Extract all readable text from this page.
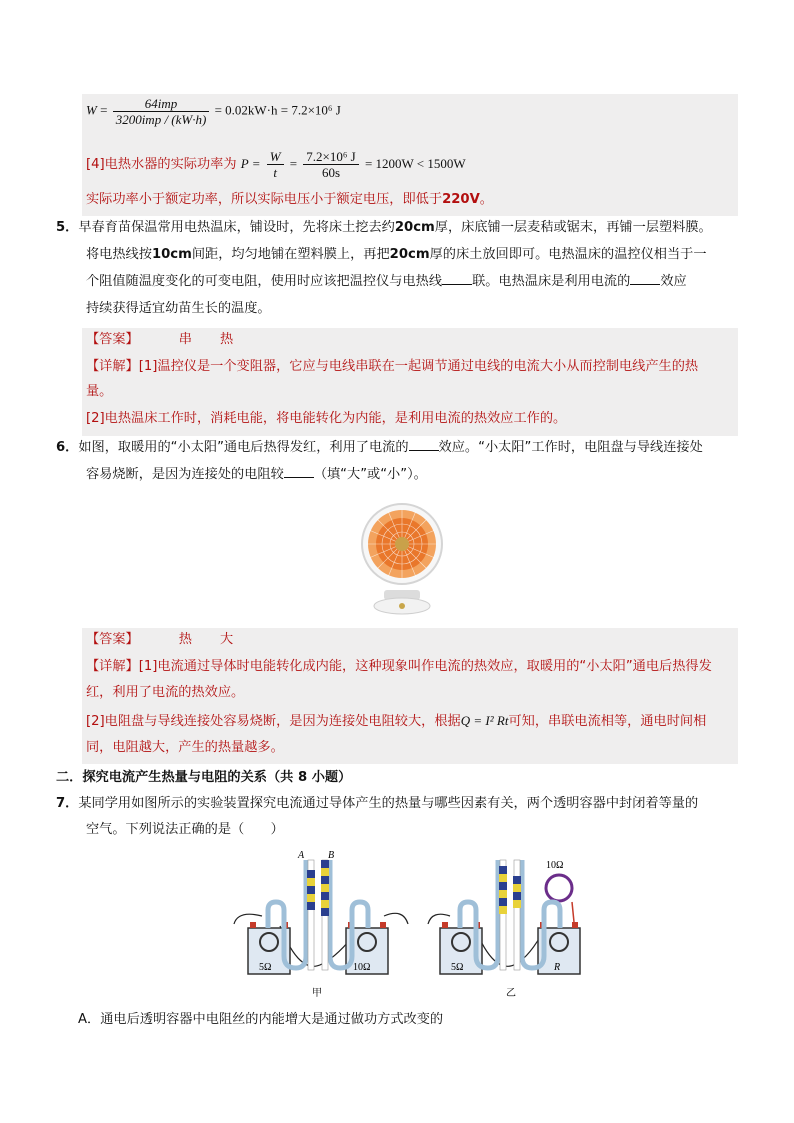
$W = \frac{\text{64imp}}{\text{3200imp / (kW·h)}} = 0.02kW\cdot h = 7.2\times 10^6$ J
[4]电热水器的实际功率为 $P = \frac{W}{t} = \frac{\text{7.2×10⁶ J}}{60s} = 1200W < 1500W$
实际功率小于额定功率，所以实际电压小于额定电压，即低于220V。
5．早春育苗保温常用电热温床，铺设时，先将床土挖去约20cm厚，床底铺一层麦秸或锯末，再铺一层塑料膜。
将电热线按10cm间距，均匀地铺在塑料膜上，再把20cm厚的床土放回即可。电热温床的温控仪相当于一
个阻值随温度变化的可变电阻，使用时应该把温控仪与电热线 联。电热温床是利用电流的 效应
持续获得适宜幼苗生长的温度。
【答案】	串 热
【详解】[1]温控仪是一个变阻器，它应与电线串联在一起调节通过电线的电流大小从而控制电线产生的热
量。
[2]电热温床工作时，消耗电能，将电能转化为内能，是利用电流的热效应工作的。
6．如图，取暖用的“小太阳”通电后热得发红，利用了电流的 效应。“小太阳”工作时，电阻盘与导线连接处
容易烧断，是因为连接处的电阻较 （填“大”或“小”）。
【答案】	热 大
【详解】[1]电流通过导体时电能转化成内能，这种现象叫作电流的热效应，取暖用的“小太阳”通电后热得发
红，利用了电流的热效应。
[2]电阻盘与导线连接处容易烧断，是因为连接处电阻较大，根据Q = I² Rt可知，串联电流相等，通电时间相
同，电阻越大，产生的热量越多。
二．探究电流产生热量与电阻的关系（共 8 小题）
7．某同学用如图所示的实验装置探究电流通过导体产生的热量与哪些因素有关，两个透明容器中封闭着等量的
空气。下列说法正确的是（　　）
A B
5Ω	10Ω
甲
10Ω
5Ω	R
乙
A．通电后透明容器中电阻丝的内能增大是通过做功方式改变的
